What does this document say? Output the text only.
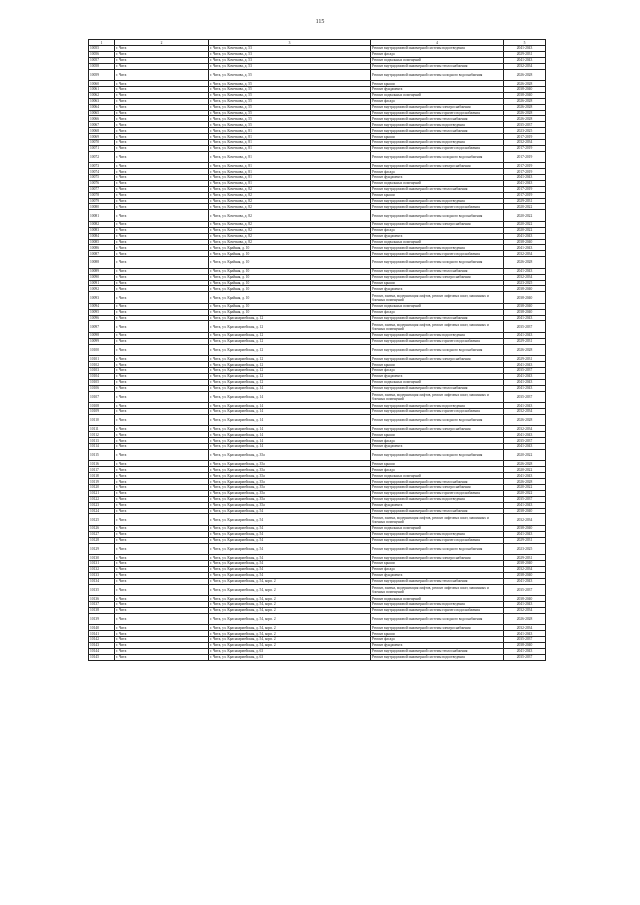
115
1	2	3	4	5
10055	г. Чита	г. Чита, ул. Кочеткова, д. 53	Ремонт внутридомовой инженерной системы водоотведения	2041-2043
10056	г. Чита	г. Чита, ул. Кочеткова, д. 53	Ремонт фасада	2029-2031
10057	г. Чита	г. Чита, ул. Кочеткова, д. 53	Ремонт подвальных помещений	2041-2043
10058	г. Чита	г. Чита, ул. Кочеткова, д. 53	Ремонт внутридомовой инженерной системы теплоснабжения	2032-2034
10059	г. Чита	г. Чита, ул. Кочеткова, д. 55	Ремонт внутридомовой инженерной системы холодного водоснабжения	2026-2028
10060	г. Чита	г. Чита, ул. Кочеткова, д. 55	Ремонт крыши	2026-2028
10061	г. Чита	г. Чита, ул. Кочеткова, д. 55	Ремонт фундамента	2038-2040
10062	г. Чита	г. Чита, ул. Кочеткова, д. 55	Ремонт подвальных помещений	2038-2040
10063	г. Чита	г. Чита, ул. Кочеткова, д. 55	Ремонт фасада	2026-2028
10064	г. Чита	г. Чита, ул. Кочеткова, д. 55	Ремонт внутридомовой инженерной системы электроснабжения	2026-2028
10065	г. Чита	г. Чита, ул. Кочеткова, д. 55	Ремонт внутридомовой инженерной системы горячего водоснабжения	2026-2028
10066	г. Чита	г. Чита, ул. Кочеткова, д. 55	Ремонт внутридомовой инженерной системы теплоснабжения	2026-2028
10067	г. Чита	г. Чита, ул. Кочеткова, д. 55	Ремонт внутридомовой инженерной системы водоотведения	2035-2037
10068	г. Чита	г. Чита, ул. Кочеткова, д. 81	Ремонт внутридомовой инженерной системы теплоснабжения	2023-2025
10069	г. Чита	г. Чита, ул. Кочеткова, д. 81	Ремонт крыши	2017-2019
10070	г. Чита	г. Чита, ул. Кочеткова, д. 81	Ремонт внутридомовой инженерной системы водоотведения	2032-2034
10071	г. Чита	г. Чита, ул. Кочеткова, д. 81	Ремонт внутридомовой инженерной системы горячего водоснабжения	2017-2019
10072	г. Чита	г. Чита, ул. Кочеткова, д. 81	Ремонт внутридомовой инженерной системы холодного водоснабжения	2017-2019
10073	г. Чита	г. Чита, ул. Кочеткова, д. 81	Ремонт внутридомовой инженерной системы электроснабжения	2017-2019
10074	г. Чита	г. Чита, ул. Кочеткова, д. 81	Ремонт фасада	2017-2019
10075	г. Чита	г. Чита, ул. Кочеткова, д. 81	Ремонт фундамента	2041-2043
10076	г. Чита	г. Чита, ул. Кочеткова, д. 81	Ремонт подвальных помещений	2041-2043
10077	г. Чита	г. Чита, ул. Кочеткова, д. 82	Ремонт внутридомовой инженерной системы теплоснабжения	2017-2019
10078	г. Чита	г. Чита, ул. Кочеткова, д. 82	Ремонт крыши	2017-2019
10079	г. Чита	г. Чита, ул. Кочеткова, д. 82	Ремонт внутридомовой инженерной системы водоотведения	2029-2031
10080	г. Чита	г. Чита, ул. Кочеткова, д. 82	Ремонт внутридомовой инженерной системы горячего водоснабжения	2020-2022
10081	г. Чита	г. Чита, ул. Кочеткова, д. 82	Ремонт внутридомовой инженерной системы холодного водоснабжения	2020-2022
10082	г. Чита	г. Чита, ул. Кочеткова, д. 82	Ремонт внутридомовой инженерной системы электроснабжения	2020-2022
10083	г. Чита	г. Чита, ул. Кочеткова, д. 82	Ремонт фасада	2020-2022
10084	г. Чита	г. Чита, ул. Кочеткова, д. 82	Ремонт фундамента	2041-2043
10085	г. Чита	г. Чита, ул. Кочеткова, д. 82	Ремонт подвальных помещений	2038-2040
10086	г. Чита	г. Чита, ул. Крайняя, д. 10	Ремонт внутридомовой инженерной системы водоотведения	2041-2043
10087	г. Чита	г. Чита, ул. Крайняя, д. 10	Ремонт внутридомовой инженерной системы горячего водоснабжения	2032-2034
10088	г. Чита	г. Чита, ул. Крайняя, д. 10	Ремонт внутридомовой инженерной системы холодного водоснабжения	2026-2028
10089	г. Чита	г. Чита, ул. Крайняя, д. 10	Ремонт внутридомовой инженерной системы теплоснабжения	2041-2043
10090	г. Чита	г. Чита, ул. Крайняя, д. 10	Ремонт внутридомовой инженерной системы электроснабжения	2032-2034
10091	г. Чита	г. Чита, ул. Крайняя, д. 10	Ремонт крыши	2023-2025
10092	г. Чита	г. Чита, ул. Крайняя, д. 10	Ремонт фундамента	2038-2040
10093	г. Чита	г. Чита, ул. Крайняя, д. 10	Ремонт, замена, модернизация лифтов, ремонт лифтовых шахт, машинных и блочных помещений	2038-2040
10094	г. Чита	г. Чита, ул. Крайняя, д. 10	Ремонт подвальных помещений	2038-2040
10095	г. Чита	г. Чита, ул. Крайняя, д. 10	Ремонт фасада	2038-2040
10096	г. Чита	г. Чита, ул. Красноармейская, д. 12	Ремонт внутридомовой инженерной системы теплоснабжения	2041-2043
10097	г. Чита	г. Чита, ул. Красноармейская, д. 12	Ремонт, замена, модернизация лифтов, ремонт лифтовых шахт, машинных и блочных помещений	2035-2037
10098	г. Чита	г. Чита, ул. Красноармейская, д. 12	Ремонт внутридомовой инженерной системы водоотведения	2041-2043
10099	г. Чита	г. Чита, ул. Красноармейская, д. 12	Ремонт внутридомовой инженерной системы горячего водоснабжения	2029-2031
10100	г. Чита	г. Чита, ул. Красноармейская, д. 12	Ремонт внутридомовой инженерной системы холодного водоснабжения	2026-2028
10101	г. Чита	г. Чита, ул. Красноармейская, д. 12	Ремонт внутридомовой инженерной системы электроснабжения	2029-2031
10102	г. Чита	г. Чита, ул. Красноармейская, д. 12	Ремонт крыши	2041-2043
10103	г. Чита	г. Чита, ул. Красноармейская, д. 12	Ремонт фасада	2035-2037
10104	г. Чита	г. Чита, ул. Красноармейская, д. 12	Ремонт фундамента	2041-2043
10105	г. Чита	г. Чита, ул. Красноармейская, д. 12	Ремонт подвальных помещений	2041-2043
10106	г. Чита	г. Чита, ул. Красноармейская, д. 14	Ремонт внутридомовой инженерной системы теплоснабжения	2041-2043
10107	г. Чита	г. Чита, ул. Красноармейская, д. 14	Ремонт, замена, модернизация лифтов, ремонт лифтовых шахт, машинных и блочных помещений	2035-2037
10108	г. Чита	г. Чита, ул. Красноармейская, д. 14	Ремонт внутридомовой инженерной системы водоотведения	2041-2043
10109	г. Чита	г. Чита, ул. Красноармейская, д. 14	Ремонт внутридомовой инженерной системы горячего водоснабжения	2032-2034
10110	г. Чита	г. Чита, ул. Красноармейская, д. 14	Ремонт внутридомовой инженерной системы холодного водоснабжения	2026-2028
10111	г. Чита	г. Чита, ул. Красноармейская, д. 14	Ремонт внутридомовой инженерной системы электроснабжения	2032-2034
10112	г. Чита	г. Чита, ул. Красноармейская, д. 14	Ремонт крыши	2041-2043
10113	г. Чита	г. Чита, ул. Красноармейская, д. 14	Ремонт фасада	2035-2037
10114	г. Чита	г. Чита, ул. Красноармейская, д. 14	Ремонт фундамента	2041-2043
10115	г. Чита	г. Чита, ул. Красноармейская, д. 35а	Ремонт внутридомовой инженерной системы холодного водоснабжения	2020-2022
10116	г. Чита	г. Чита, ул. Красноармейская, д. 35а	Ремонт крыши	2026-2028
10117	г. Чита	г. Чита, ул. Красноармейская, д. 35а	Ремонт фасада	2020-2022
10118	г. Чита	г. Чита, ул. Красноармейская, д. 35а	Ремонт подвальных помещений	2041-2043
10119	г. Чита	г. Чита, ул. Красноармейская, д. 35а	Ремонт внутридомовой инженерной системы теплоснабжения	2026-2028
10120	г. Чита	г. Чита, ул. Красноармейская, д. 35а	Ремонт внутридомовой инженерной системы электроснабжения	2020-2022
10121	г. Чита	г. Чита, ул. Красноармейская, д. 35а	Ремонт внутридомовой инженерной системы горячего водоснабжения	2020-2022
10122	г. Чита	г. Чита, ул. Красноармейская, д. 35а	Ремонт внутридомовой инженерной системы водоотведения	2035-2037
10123	г. Чита	г. Чита, ул. Красноармейская, д. 35а	Ремонт фундамента	2041-2043
10124	г. Чита	г. Чита, ул. Красноармейская, д. 54	Ремонт внутридомовой инженерной системы теплоснабжения	2038-2040
10125	г. Чита	г. Чита, ул. Красноармейская, д. 54	Ремонт, замена, модернизация лифтов, ремонт лифтовых шахт, машинных и блочных помещений	2032-2034
10126	г. Чита	г. Чита, ул. Красноармейская, д. 54	Ремонт подвальных помещений	2038-2040
10127	г. Чита	г. Чита, ул. Красноармейская, д. 54	Ремонт внутридомовой инженерной системы водоотведения	2041-2043
10128	г. Чита	г. Чита, ул. Красноармейская, д. 54	Ремонт внутридомовой инженерной системы горячего водоснабжения	2029-2031
10129	г. Чита	г. Чита, ул. Красноармейская, д. 54	Ремонт внутридомовой инженерной системы холодного водоснабжения	2023-2025
10130	г. Чита	г. Чита, ул. Красноармейская, д. 54	Ремонт внутридомовой инженерной системы электроснабжения	2029-2031
10131	г. Чита	г. Чита, ул. Красноармейская, д. 54	Ремонт крыши	2038-2040
10132	г. Чита	г. Чита, ул. Красноармейская, д. 54	Ремонт фасада	2032-2034
10133	г. Чита	г. Чита, ул. Красноармейская, д. 54	Ремонт фундамента	2038-2040
10134	г. Чита	г. Чита, ул. Красноармейская, д. 54, корп. 2	Ремонт внутридомовой инженерной системы теплоснабжения	2041-2043
10135	г. Чита	г. Чита, ул. Красноармейская, д. 54, корп. 2	Ремонт, замена, модернизация лифтов, ремонт лифтовых шахт, машинных и блочных помещений	2035-2037
10136	г. Чита	г. Чита, ул. Красноармейская, д. 54, корп. 2	Ремонт подвальных помещений	2038-2040
10137	г. Чита	г. Чита, ул. Красноармейская, д. 54, корп. 2	Ремонт внутридомовой инженерной системы водоотведения	2041-2043
10138	г. Чита	г. Чита, ул. Красноармейская, д. 54, корп. 2	Ремонт внутридомовой инженерной системы горячего водоснабжения	2032-2034
10139	г. Чита	г. Чита, ул. Красноармейская, д. 54, корп. 2	Ремонт внутридомовой инженерной системы холодного водоснабжения	2026-2028
10140	г. Чита	г. Чита, ул. Красноармейская, д. 54, корп. 2	Ремонт внутридомовой инженерной системы электроснабжения	2032-2034
10141	г. Чита	г. Чита, ул. Красноармейская, д. 54, корп. 2	Ремонт крыши	2041-2043
10142	г. Чита	г. Чита, ул. Красноармейская, д. 54, корп. 2	Ремонт фасада	2035-2037
10143	г. Чита	г. Чита, ул. Красноармейская, д. 54, корп. 2	Ремонт фундамента	2038-2040
10144	г. Чита	г. Чита, ул. Красноармейская, д. 63	Ремонт внутридомовой инженерной системы теплоснабжения	2041-2043
10145	г. Чита	г. Чита, ул. Красноармейская, д. 63	Ремонт внутридомовой инженерной системы водоотведения	2035-2037
